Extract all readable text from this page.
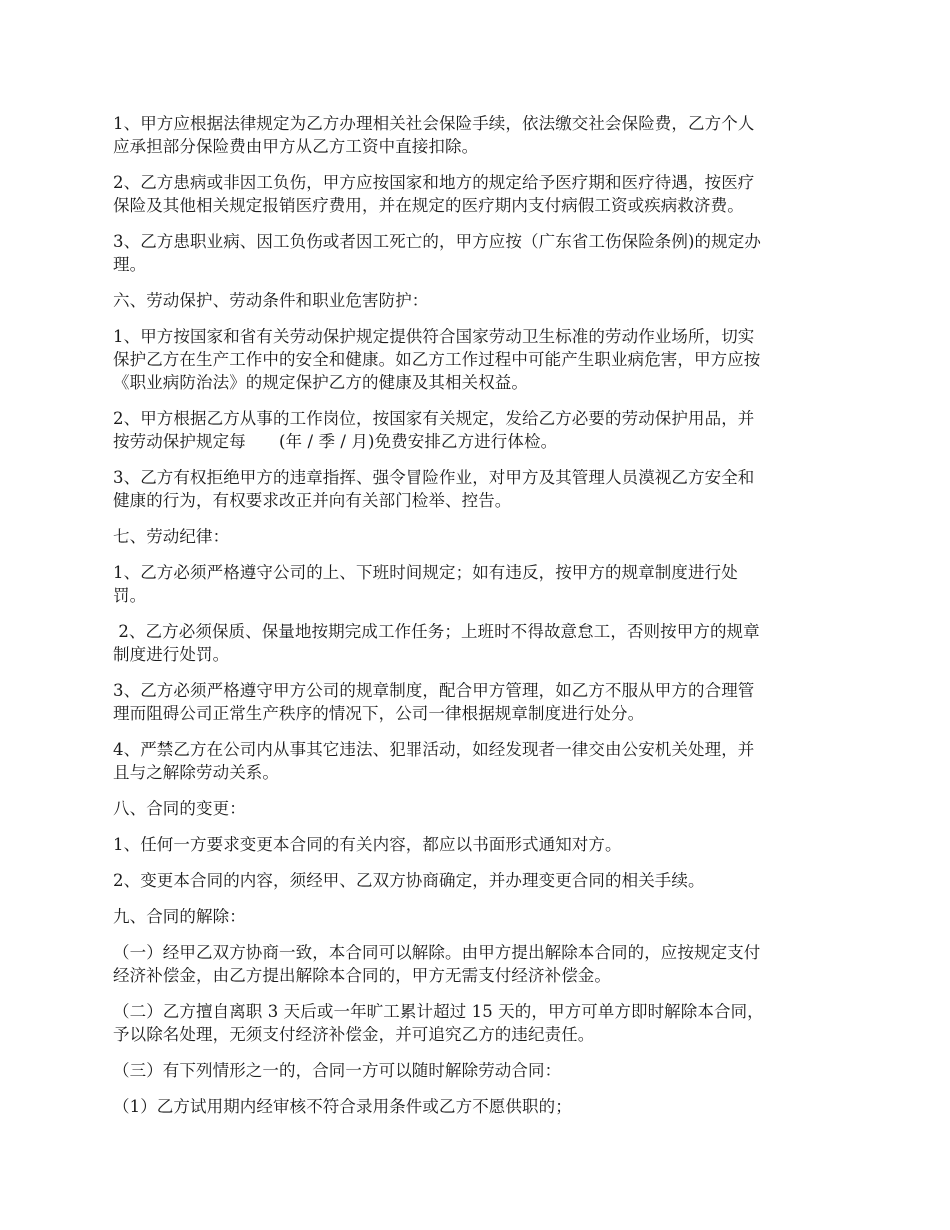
1、甲方应根据法律规定为乙方办理相关社会保险手续，依法缴交社会保险费，乙方个人
应承担部分保险费由甲方从乙方工资中直接扣除。

2、乙方患病或非因工负伤，甲方应按国家和地方的规定给予医疗期和医疗待遇，按医疗
保险及其他相关规定报销医疗费用，并在规定的医疗期内支付病假工资或疾病救济费。

3、乙方患职业病、因工负伤或者因工死亡的，甲方应按（广东省工伤保险条例)的规定办
理。

六、劳动保护、劳动条件和职业危害防护：

1、甲方按国家和省有关劳动保护规定提供符合国家劳动卫生标准的劳动作业场所，切实
保护乙方在生产工作中的安全和健康。如乙方工作过程中可能产生职业病危害，甲方应按
《职业病防治法》的规定保护乙方的健康及其相关权益。

2、甲方根据乙方从事的工作岗位，按国家有关规定，发给乙方必要的劳动保护用品，并
按劳动保护规定每　　(年 / 季 / 月)免费安排乙方进行体检。

3、乙方有权拒绝甲方的违章指挥、强令冒险作业，对甲方及其管理人员漠视乙方安全和
健康的行为，有权要求改正并向有关部门检举、控告。

七、劳动纪律：

1、乙方必须严格遵守公司的上、下班时间规定；如有违反，按甲方的规章制度进行处
罚。

2、乙方必须保质、保量地按期完成工作任务；上班时不得故意怠工，否则按甲方的规章
制度进行处罚。

3、乙方必须严格遵守甲方公司的规章制度，配合甲方管理，如乙方不服从甲方的合理管
理而阻碍公司正常生产秩序的情况下，公司一律根据规章制度进行处分。

4、严禁乙方在公司内从事其它违法、犯罪活动，如经发现者一律交由公安机关处理，并
且与之解除劳动关系。

八、合同的变更：

1、任何一方要求变更本合同的有关内容，都应以书面形式通知对方。

2、变更本合同的内容，须经甲、乙双方协商确定，并办理变更合同的相关手续。

九、合同的解除：

（一）经甲乙双方协商一致，本合同可以解除。由甲方提出解除本合同的，应按规定支付
经济补偿金，由乙方提出解除本合同的，甲方无需支付经济补偿金。

（二）乙方擅自离职 3 天后或一年旷工累计超过 15 天的，甲方可单方即时解除本合同，
予以除名处理，无须支付经济补偿金，并可追究乙方的违纪责任。

（三）有下列情形之一的，合同一方可以随时解除劳动合同：

（1）乙方试用期内经审核不符合录用条件或乙方不愿供职的；
